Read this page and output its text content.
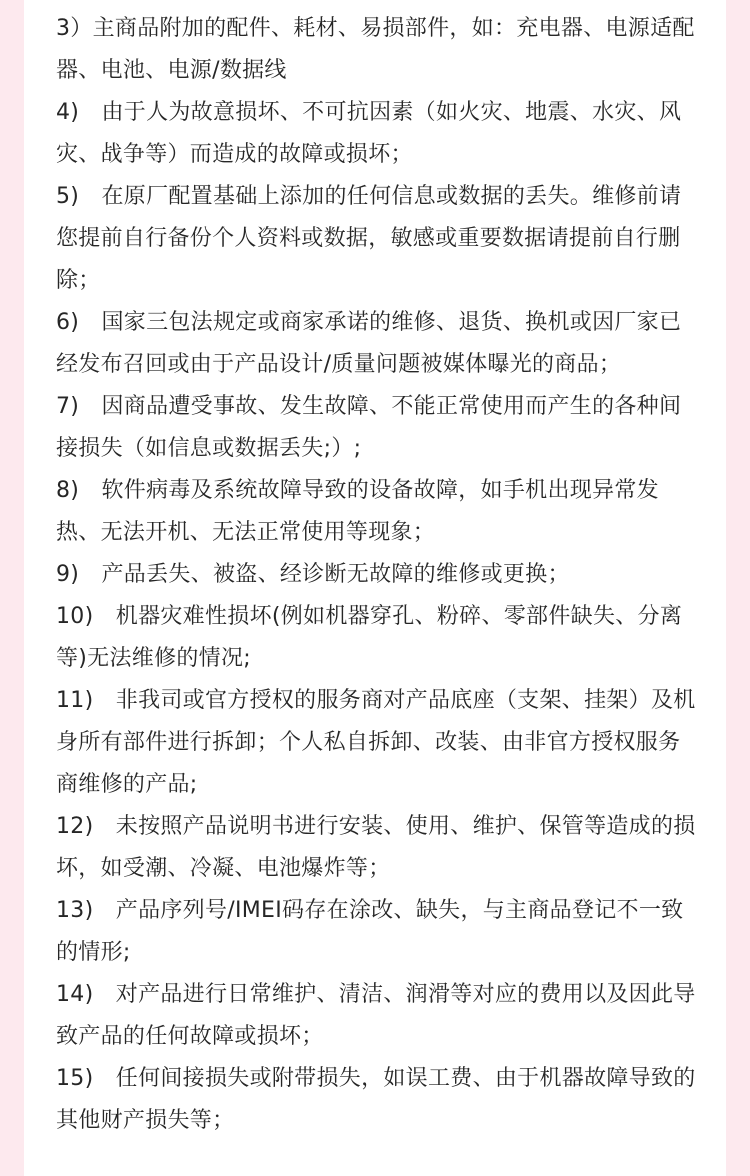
3）主商品附加的配件、耗材、易损部件，如：充电器、电源适配器、电池、电源/数据线
4)　由于人为故意损坏、不可抗因素（如火灾、地震、水灾、风灾、战争等）而造成的故障或损坏；
5)　在原厂配置基础上添加的任何信息或数据的丢失。维修前请您提前自行备份个人资料或数据，敏感或重要数据请提前自行删除；
6)　国家三包法规定或商家承诺的维修、退货、换机或因厂家已经发布召回或由于产品设计/质量问题被媒体曝光的商品；
7)　因商品遭受事故、发生故障、不能正常使用而产生的各种间接损失（如信息或数据丢失;）;
8)　软件病毒及系统故障导致的设备故障，如手机出现异常发热、无法开机、无法正常使用等现象；
9)　产品丢失、被盗、经诊断无故障的维修或更换；
10)　机器灾难性损坏(例如机器穿孔、粉碎、零部件缺失、分离等)无法维修的情况;
11)　非我司或官方授权的服务商对产品底座（支架、挂架）及机身所有部件进行拆卸；个人私自拆卸、改装、由非官方授权服务商维修的产品;
12)　未按照产品说明书进行安装、使用、维护、保管等造成的损坏，如受潮、冷凝、电池爆炸等；
13)　产品序列号/IMEI码存在涂改、缺失，与主商品登记不一致的情形;
14)　对产品进行日常维护、清洁、润滑等对应的费用以及因此导致产品的任何故障或损坏；
15)　任何间接损失或附带损失，如误工费、由于机器故障导致的其他财产损失等；
